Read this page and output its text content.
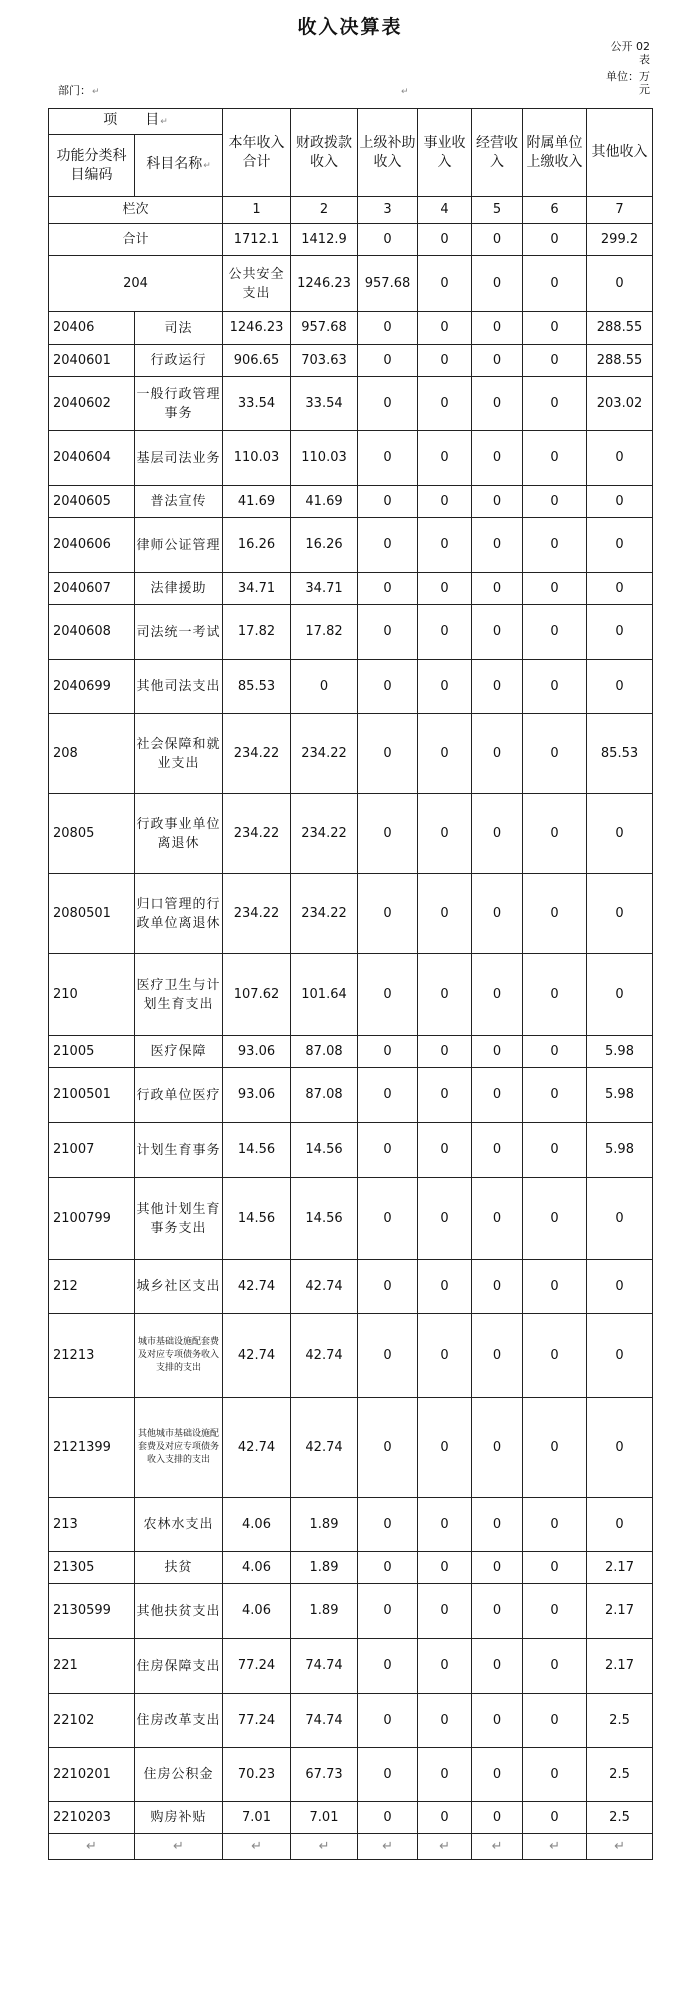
收入决算表
公开 02 表
单位：万元
部门：↵	↵
项　　目↵		本年收入合计	财政拨款收入	上级补助收入	事业收入	经营收入	附属单位上缴收入	其他收入
功能分类科目编码	科目名称↵							
栏次		1	2	3	4	5	6	7
合计		1712.1	1412.9	0	0	0	0	299.2
204		公共安全支出	1246.23	957.68	0	0	0	0
20406	司法	1246.23	957.68	0	0	0	0	288.55
2040601	行政运行	906.65	703.63	0	0	0	0	288.55
2040602	一般行政管理事务	33.54	33.54	0	0	0	0	203.02
2040604	基层司法业务	110.03	110.03	0	0	0	0	0
2040605	普法宣传	41.69	41.69	0	0	0	0	0
2040606	律师公证管理	16.26	16.26	0	0	0	0	0
2040607	法律援助	34.71	34.71	0	0	0	0	0
2040608	司法统一考试	17.82	17.82	0	0	0	0	0
2040699	其他司法支出	85.53	0	0	0	0	0	0
208	社会保障和就业支出	234.22	234.22	0	0	0	0	85.53
20805	行政事业单位离退休	234.22	234.22	0	0	0	0	0
2080501	归口管理的行政单位离退休	234.22	234.22	0	0	0	0	0
210	医疗卫生与计划生育支出	107.62	101.64	0	0	0	0	0
21005	医疗保障	93.06	87.08	0	0	0	0	5.98
2100501	行政单位医疗	93.06	87.08	0	0	0	0	5.98
21007	计划生育事务	14.56	14.56	0	0	0	0	5.98
2100799	其他计划生育事务支出	14.56	14.56	0	0	0	0	0
212	城乡社区支出	42.74	42.74	0	0	0	0	0
21213	城市基础设施配套费及对应专项债务收入支排的支出	42.74	42.74	0	0	0	0	0
2121399	其他城市基础设施配套费及对应专项债务收入支排的支出	42.74	42.74	0	0	0	0	0
213	农林水支出	4.06	1.89	0	0	0	0	0
21305	扶贫	4.06	1.89	0	0	0	0	2.17
2130599	其他扶贫支出	4.06	1.89	0	0	0	0	2.17
221	住房保障支出	77.24	74.74	0	0	0	0	2.17
22102	住房改革支出	77.24	74.74	0	0	0	0	2.5
2210201	住房公积金	70.23	67.73	0	0	0	0	2.5
2210203	购房补贴	7.01	7.01	0	0	0	0	2.5
↵	↵	↵	↵	↵	↵	↵	↵	↵
